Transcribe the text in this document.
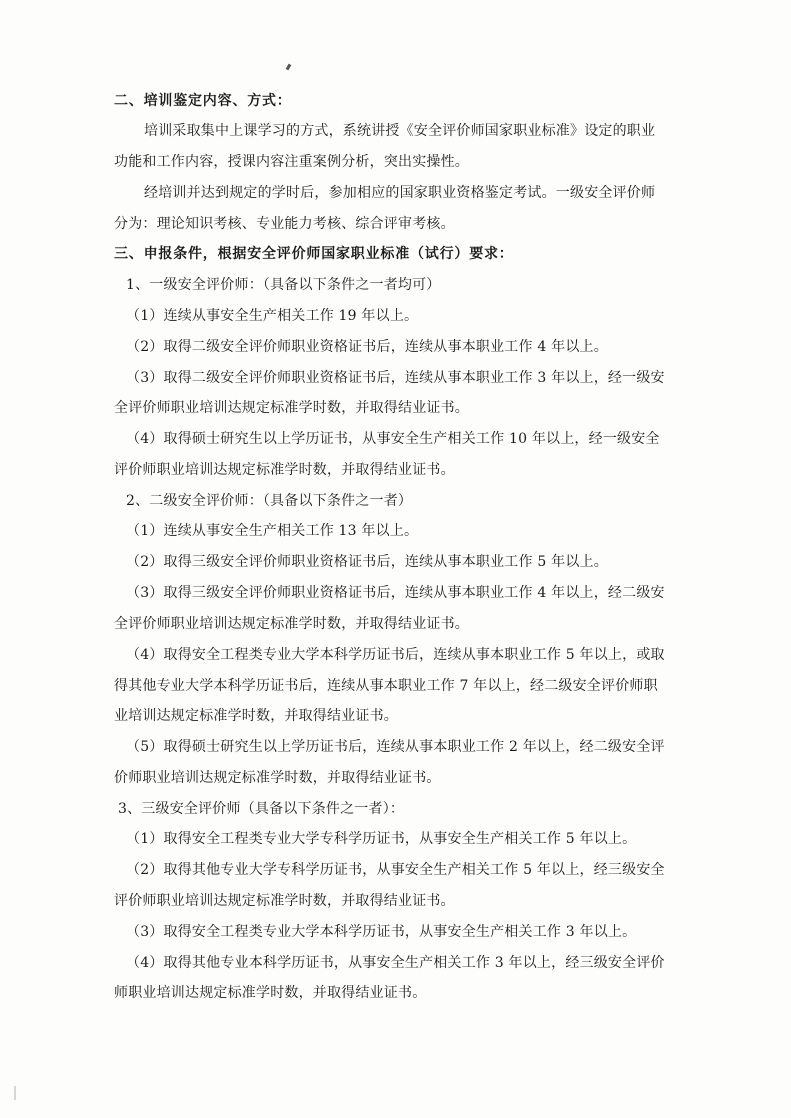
二、培训鉴定内容、方式：
培训采取集中上课学习的方式，系统讲授《安全评价师国家职业标准》设定的职业
功能和工作内容，授课内容注重案例分析，突出实操性。
经培训并达到规定的学时后，参加相应的国家职业资格鉴定考试。一级安全评价师
分为：理论知识考核、专业能力考核、综合评审考核。
三、申报条件，根据安全评价师国家职业标准（试行）要求：
1、一级安全评价师：（具备以下条件之一者均可）
（1）连续从事安全生产相关工作 19 年以上。
（2）取得二级安全评价师职业资格证书后，连续从事本职业工作 4 年以上。
（3）取得二级安全评价师职业资格证书后，连续从事本职业工作 3 年以上，经一级安
全评价师职业培训达规定标准学时数，并取得结业证书。
（4）取得硕士研究生以上学历证书，从事安全生产相关工作 10 年以上，经一级安全
评价师职业培训达规定标准学时数，并取得结业证书。
2、二级安全评价师：（具备以下条件之一者）
（1）连续从事安全生产相关工作 13 年以上。
（2）取得三级安全评价师职业资格证书后，连续从事本职业工作 5 年以上。
（3）取得三级安全评价师职业资格证书后，连续从事本职业工作 4 年以上，经二级安
全评价师职业培训达规定标准学时数，并取得结业证书。
（4）取得安全工程类专业大学本科学历证书后，连续从事本职业工作 5 年以上，或取
得其他专业大学本科学历证书后，连续从事本职业工作 7 年以上，经二级安全评价师职
业培训达规定标准学时数，并取得结业证书。
（5）取得硕士研究生以上学历证书后，连续从事本职业工作 2 年以上，经二级安全评
价师职业培训达规定标准学时数，并取得结业证书。
3、三级安全评价师（具备以下条件之一者）：
（1）取得安全工程类专业大学专科学历证书，从事安全生产相关工作 5 年以上。
（2）取得其他专业大学专科学历证书，从事安全生产相关工作 5 年以上，经三级安全
评价师职业培训达规定标准学时数，并取得结业证书。
（3）取得安全工程类专业大学本科学历证书，从事安全生产相关工作 3 年以上。
（4）取得其他专业本科学历证书，从事安全生产相关工作 3 年以上，经三级安全评价
师职业培训达规定标准学时数，并取得结业证书。
